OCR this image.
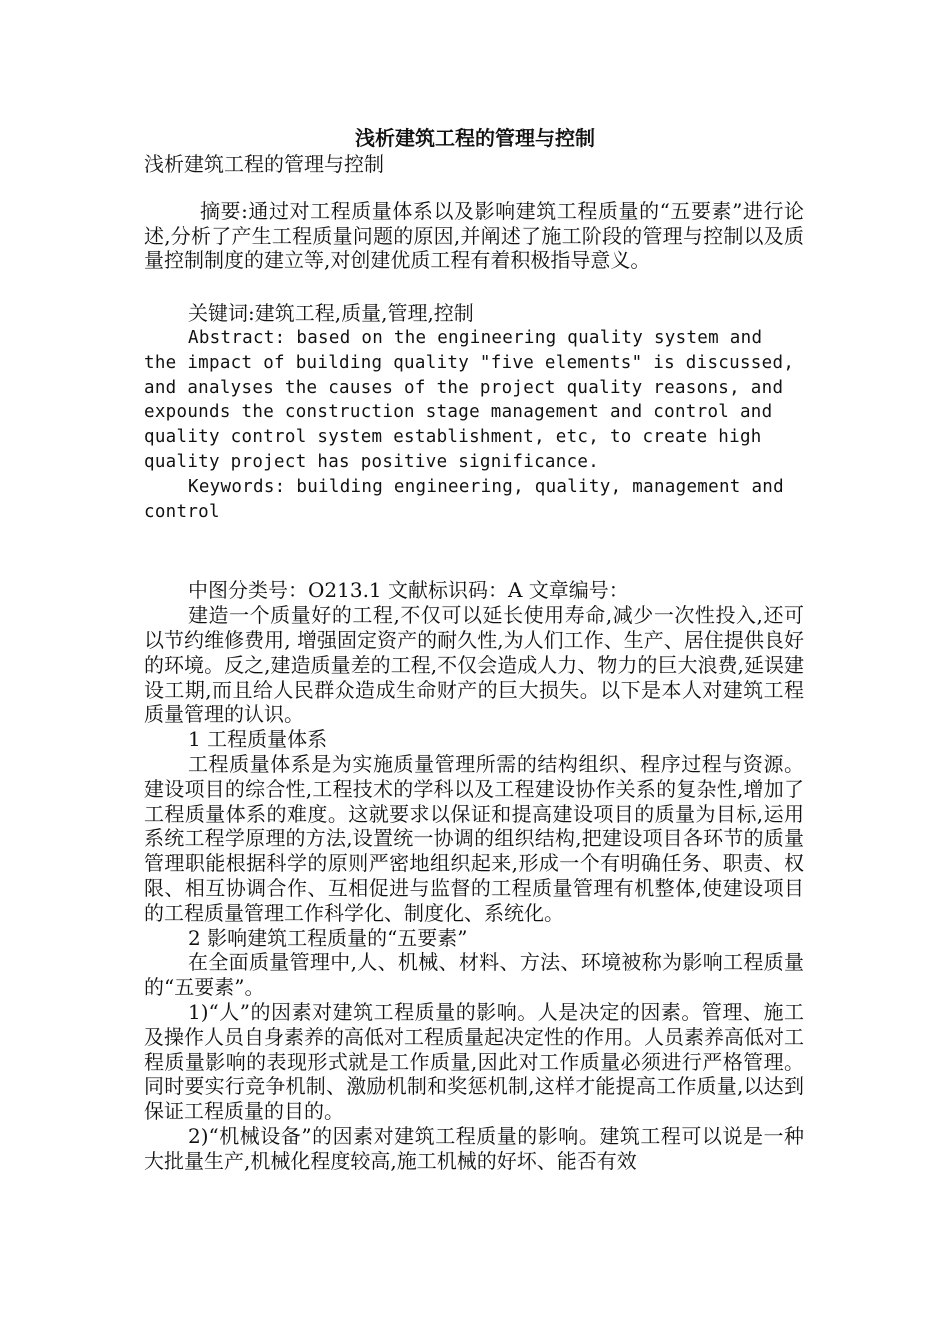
浅析建筑工程的管理与控制

浅析建筑工程的管理与控制

摘要:通过对工程质量体系以及影响建筑工程质量的“五要素”进行论述,分析了产生工程质量问题的原因,并阐述了施工阶段的管理与控制以及质量控制制度的建立等,对创建优质工程有着积极指导意义。

关键词:建筑工程,质量,管理,控制

Abstract: based on the engineering quality system and the impact of building quality "five elements" is discussed, and analyses the causes of the project quality reasons, and expounds the construction stage management and control and quality control system establishment, etc, to create high quality project has positive significance.

Keywords: building engineering, quality, management and control

中图分类号：O213.1 文献标识码：A 文章编号：

建造一个质量好的工程,不仅可以延长使用寿命,减少一次性投入,还可以节约维修费用, 增强固定资产的耐久性,为人们工作、生产、居住提供良好的环境。反之,建造质量差的工程,不仅会造成人力、物力的巨大浪费,延误建设工期,而且给人民群众造成生命财产的巨大损失。以下是本人对建筑工程质量管理的认识。

1 工程质量体系

工程质量体系是为实施质量管理所需的结构组织、程序过程与资源。建设项目的综合性,工程技术的学科以及工程建设协作关系的复杂性,增加了工程质量体系的难度。这就要求以保证和提高建设项目的质量为目标,运用系统工程学原理的方法,设置统一协调的组织结构,把建设项目各环节的质量管理职能根据科学的原则严密地组织起来,形成一个有明确任务、职责、权限、相互协调合作、互相促进与监督的工程质量管理有机整体,使建设项目的工程质量管理工作科学化、制度化、系统化。

2 影响建筑工程质量的“五要素”

在全面质量管理中,人、机械、材料、方法、环境被称为影响工程质量的“五要素”。

1)“人”的因素对建筑工程质量的影响。人是决定的因素。管理、施工及操作人员自身素养的高低对工程质量起决定性的作用。人员素养高低对工程质量影响的表现形式就是工作质量,因此对工作质量必须进行严格管理。同时要实行竞争机制、激励机制和奖惩机制,这样才能提高工作质量,以达到保证工程质量的目的。

2)“机械设备”的因素对建筑工程质量的影响。建筑工程可以说是一种大批量生产,机械化程度较高,施工机械的好坏、能否有效
